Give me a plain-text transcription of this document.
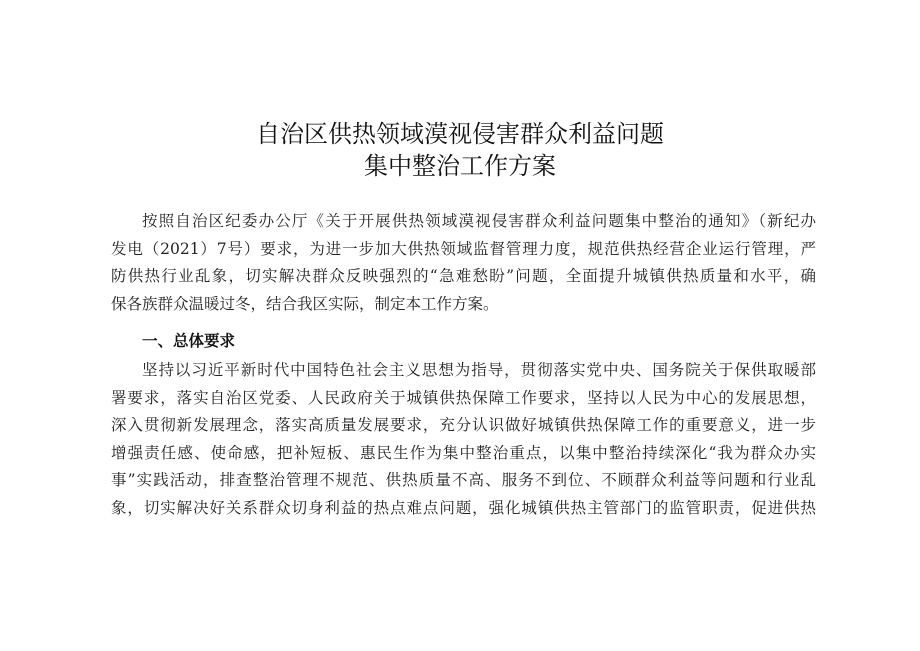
自治区供热领域漠视侵害群众利益问题
集中整治工作方案
按照自治区纪委办公厅《关于开展供热领域漠视侵害群众利益问题集中整治的通知》（新纪办
发电（2021）7号）要求，为进一步加大供热领域监督管理力度，规范供热经营企业运行管理，严
防供热行业乱象，切实解决群众反映强烈的“急难愁盼”问题，全面提升城镇供热质量和水平，确
保各族群众温暖过冬，结合我区实际，制定本工作方案。
一、总体要求
坚持以习近平新时代中国特色社会主义思想为指导，贯彻落实党中央、国务院关于保供取暖部
署要求，落实自治区党委、人民政府关于城镇供热保障工作要求，坚持以人民为中心的发展思想，
深入贯彻新发展理念，落实高质量发展要求，充分认识做好城镇供热保障工作的重要意义，进一步
增强责任感、使命感，把补短板、惠民生作为集中整治重点，以集中整治持续深化“我为群众办实
事”实践活动，排查整治管理不规范、供热质量不高、服务不到位、不顾群众利益等问题和行业乱
象，切实解决好关系群众切身利益的热点难点问题，强化城镇供热主管部门的监管职责，促进供热
